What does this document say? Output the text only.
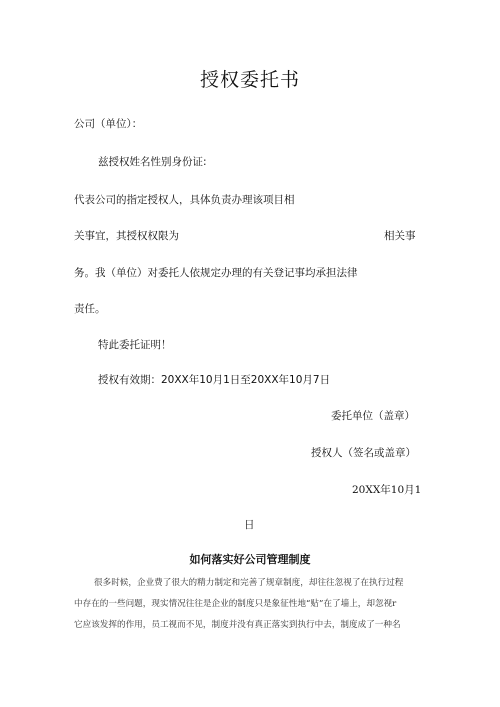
授权委托书
公司（单位）：
兹授权姓名性别身份证:
代表公司的指定授权人，具体负责办理该项目相
关事宜，其授权权限为	相关事
务。我（单位）对委托人依规定办理的有关登记事均承担法律
责任。
特此委托证明！
授权有效期：20XX年10月1日至20XX年10月7日
委托单位（盖章）
授权人（签名或盖章）
20XX年10月1
日
如何落实好公司管理制度
很多时候，企业费了很大的精力制定和完善了规章制度，却往往忽视了在执行过程
中存在的一些问题，现实情况往往是企业的制度只是象征性地“贴”在了墙上，却忽视r
它应该发挥的作用，员工视而不见，制度并没有真正落实到执行中去，制度成了一种名
